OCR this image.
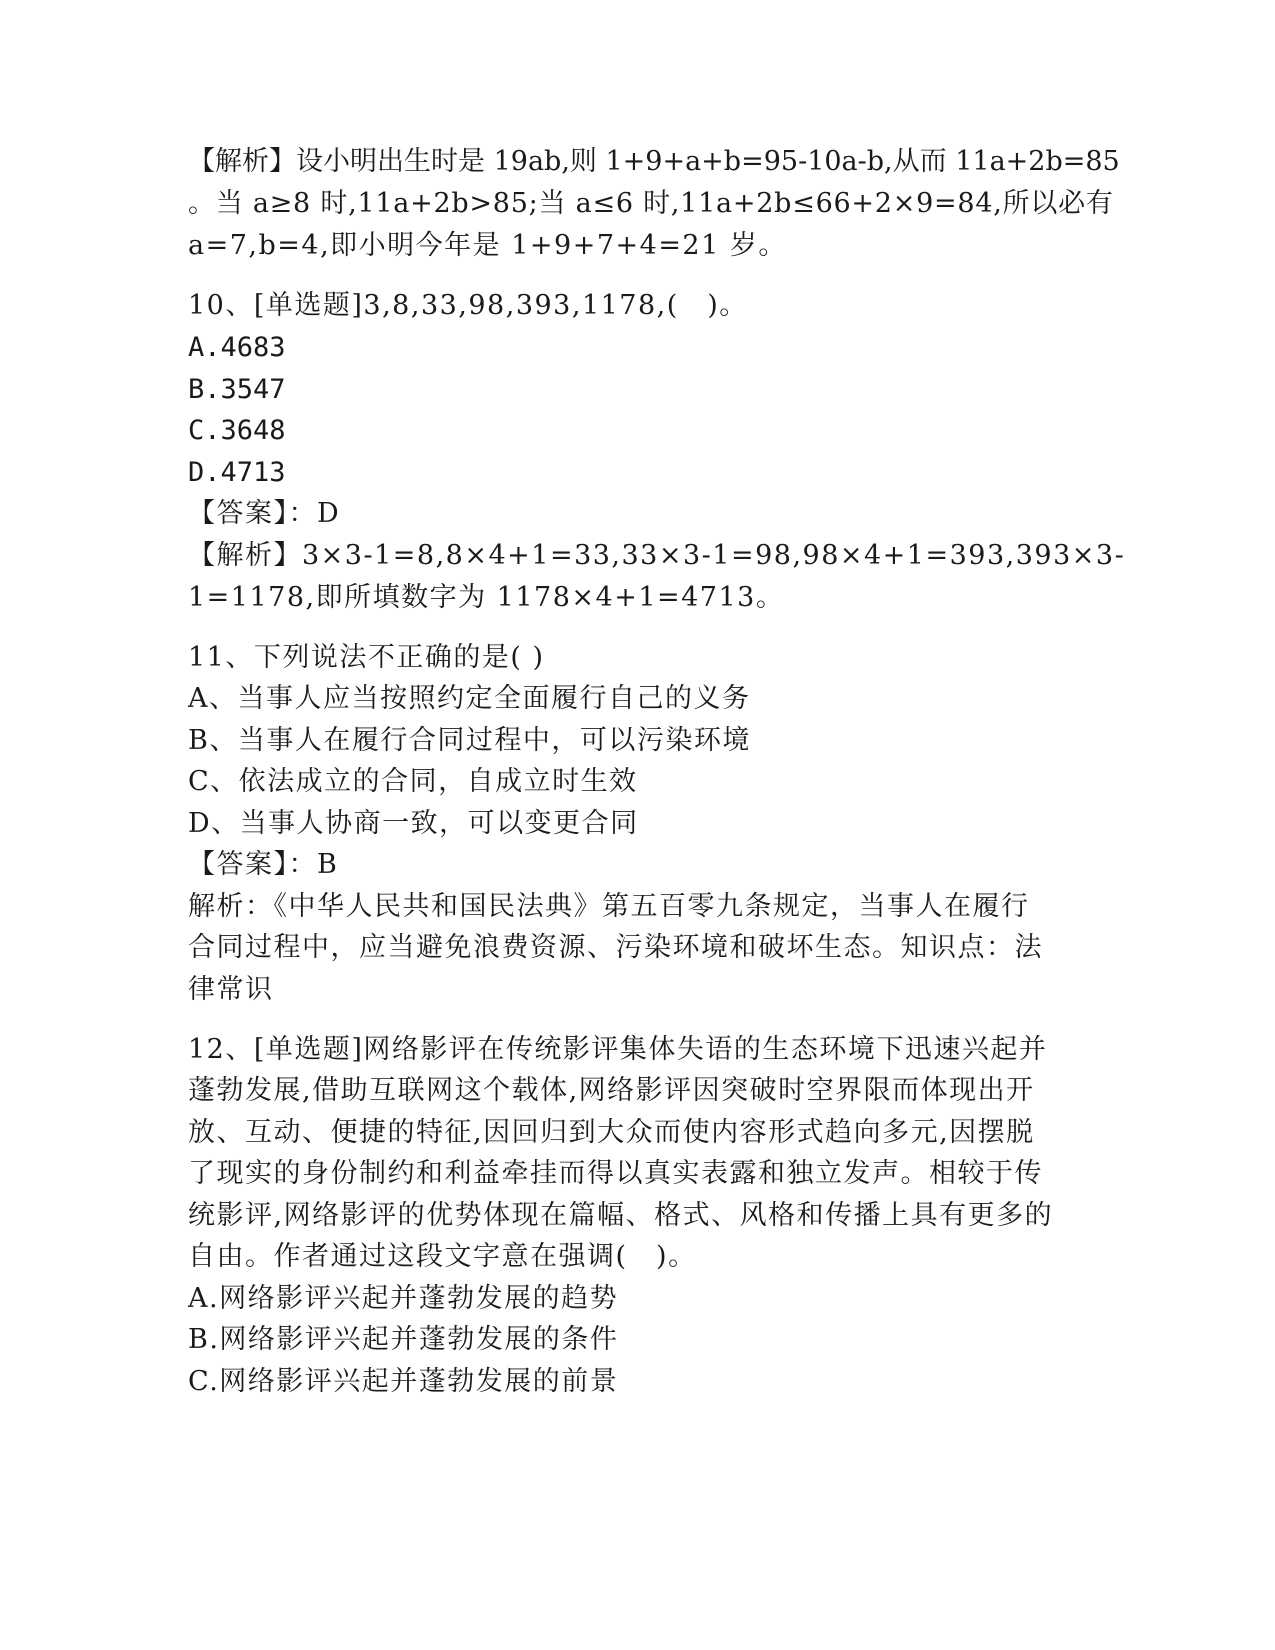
【解析】设小明出生时是 19ab,则 1+9+a+b=95-10a-b,从而 11a+2b=85
。当 a≥8 时,11a+2b>85;当 a≤6 时,11a+2b≤66+2×9=84,所以必有
a=7,b=4,即小明今年是 1+9+7+4=21 岁。
10、[单选题]3,8,33,98,393,1178,(　)。
A.4683
B.3547
C.3648
D.4713
【答案】：D
【解析】3×3-1=8,8×4+1=33,33×3-1=98,98×4+1=393,393×3-
1=1178,即所填数字为 1178×4+1=4713。
11、下列说法不正确的是( )
A、当事人应当按照约定全面履行自己的义务
B、当事人在履行合同过程中，可以污染环境
C、依法成立的合同，自成立时生效
D、当事人协商一致，可以变更合同
【答案】：B
解析：《中华人民共和国民法典》第五百零九条规定，当事人在履行
合同过程中，应当避免浪费资源、污染环境和破坏生态。知识点：法
律常识
12、[单选题]网络影评在传统影评集体失语的生态环境下迅速兴起并
蓬勃发展,借助互联网这个载体,网络影评因突破时空界限而体现出开
放、互动、便捷的特征,因回归到大众而使内容形式趋向多元,因摆脱
了现实的身份制约和利益牵挂而得以真实表露和独立发声。相较于传
统影评,网络影评的优势体现在篇幅、格式、风格和传播上具有更多的
自由。作者通过这段文字意在强调(　)。
A.网络影评兴起并蓬勃发展的趋势
B.网络影评兴起并蓬勃发展的条件
C.网络影评兴起并蓬勃发展的前景
